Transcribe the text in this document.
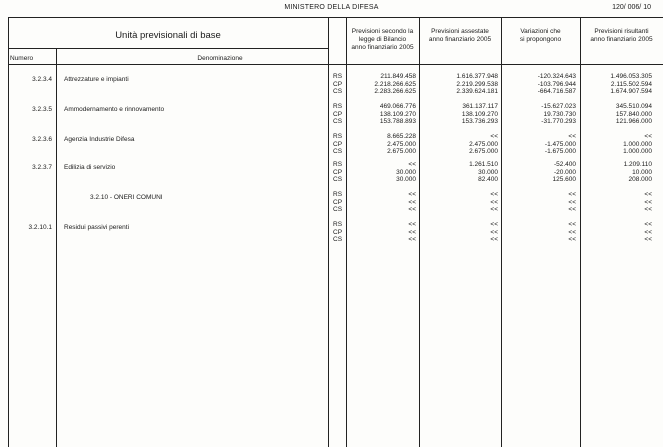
MINISTERO DELLA DIFESA	120/ 006/ 10
Unità previsionali di base
Numero	Denominazione
Previsioni secondo la
legge di Bilancio
anno finanziario 2005
Previsioni assestate
anno finanziario 2005
Variazioni che
si propongono
Previsioni risultanti
anno finanziario 2005
3.2.3.4 Attrezzature e impianti	RS	211.849.458	1.616.377.948	-120.324.643	1.496.053.305
CP	2.218.266.625	2.219.299.538	-103.796.944	2.115.502.594
CS	2.283.266.625	2.339.624.181	-664.716.587	1.674.907.594
3.2.3.5 Ammodernamento e rinnovamento	RS	469.066.776	361.137.117	-15.627.023	345.510.094
CP	138.109.270	138.109.270	19.730.730	157.840.000
CS	153.788.893	153.736.293	-31.770.293	121.966.000
3.2.3.6 Agenzia Industrie Difesa	RS	8.665.228	<<	<<	<<
CP	2.475.000	2.475.000	-1.475.000	1.000.000
CS	2.675.000	2.675.000	-1.675.000	1.000.000
3.2.3.7 Edilizia di servizio	RS	<<	1.261.510	-52.400	1.209.110
CP	30.000	30.000	-20.000	10.000
CS	30.000	82.400	125.600	208.000
3.2.10 - ONERI COMUNI	RS	<<	<<	<<	<<
CP	<<	<<	<<	<<
CS	<<	<<	<<	<<
3.2.10.1 Residui passivi perenti	RS	<<	<<	<<	<<
CP	<<	<<	<<	<<
CS	<<	<<	<<	<<
